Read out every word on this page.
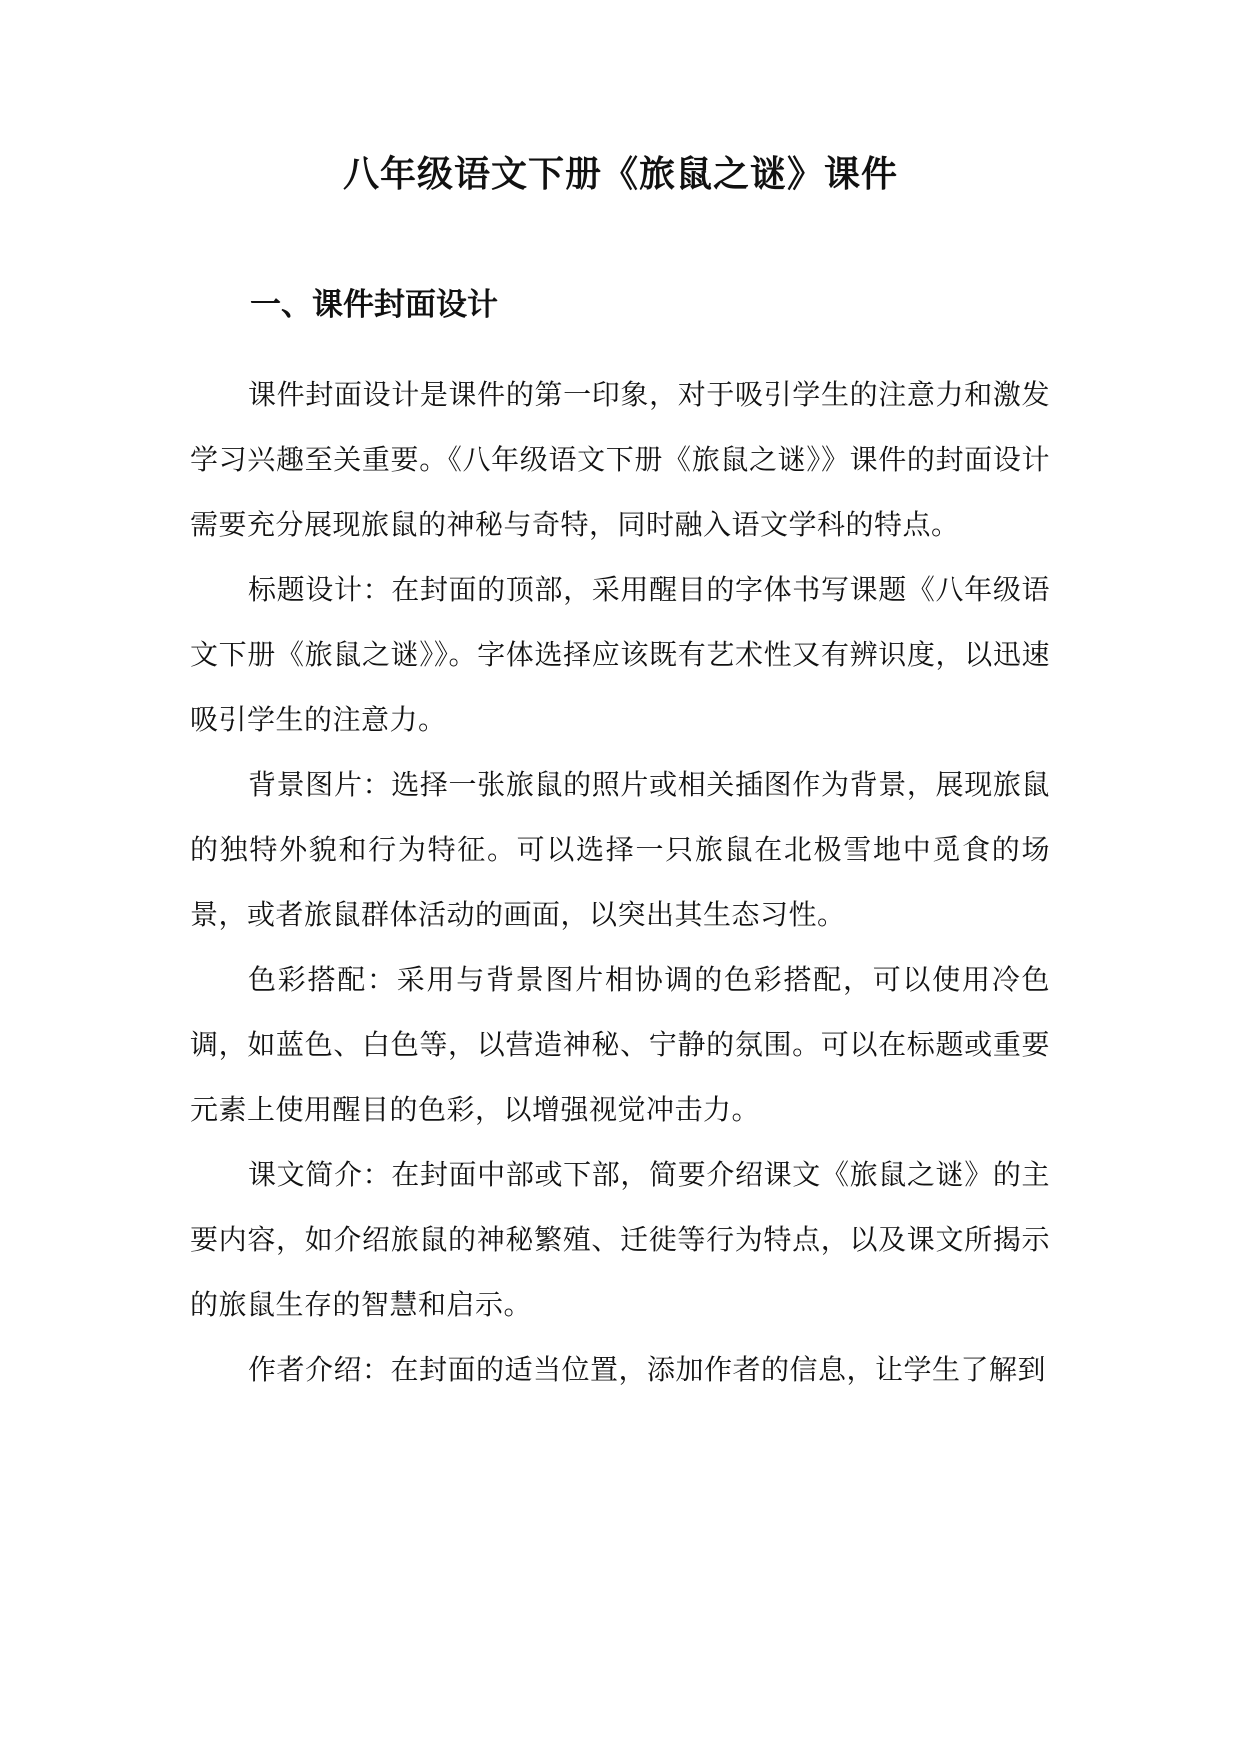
八年级语文下册《旅鼠之谜》课件
一、课件封面设计

课件封面设计是课件的第一印象，对于吸引学生的注意力和激发学习兴趣至关重要。《八年级语文下册《旅鼠之谜》》课件的封面设计需要充分展现旅鼠的神秘与奇特，同时融入语文学科的特点。

标题设计：在封面的顶部，采用醒目的字体书写课题《八年级语文下册《旅鼠之谜》》。字体选择应该既有艺术性又有辨识度，以迅速吸引学生的注意力。

背景图片：选择一张旅鼠的照片或相关插图作为背景，展现旅鼠的独特外貌和行为特征。可以选择一只旅鼠在北极雪地中觅食的场景，或者旅鼠群体活动的画面，以突出其生态习性。

色彩搭配：采用与背景图片相协调的色彩搭配，可以使用冷色调，如蓝色、白色等，以营造神秘、宁静的氛围。可以在标题或重要元素上使用醒目的色彩，以增强视觉冲击力。

课文简介：在封面中部或下部，简要介绍课文《旅鼠之谜》的主要内容，如介绍旅鼠的神秘繁殖、迁徙等行为特点，以及课文所揭示的旅鼠生存的智慧和启示。

作者介绍：在封面的适当位置，添加作者的信息，让学生了解到
